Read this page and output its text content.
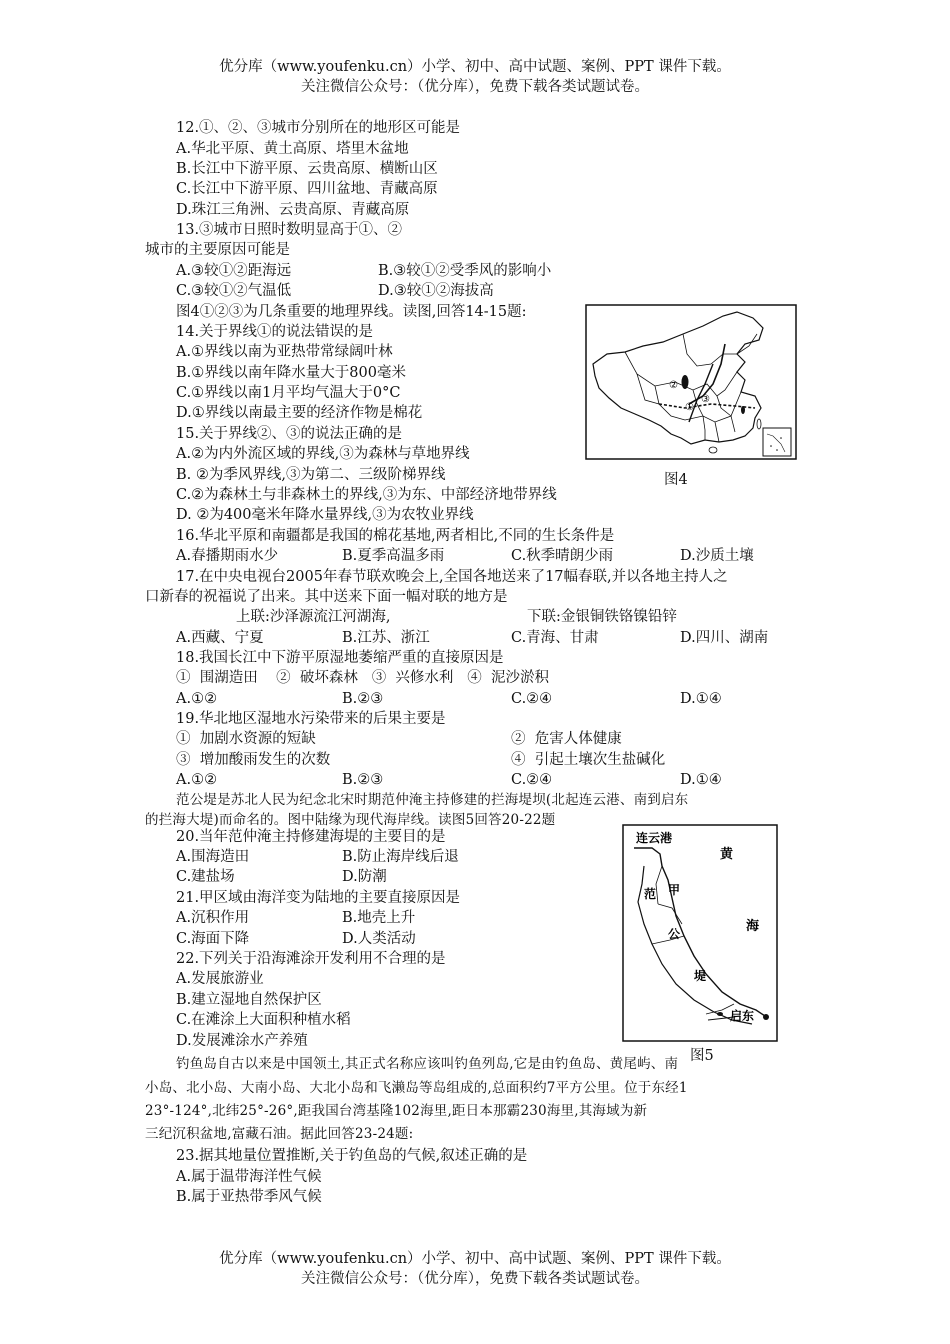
优分库（www.youfenku.cn）小学、初中、高中试题、案例、PPT 课件下载。
关注微信公众号：（优分库），免费下载各类试题试卷。
12.①、②、③城市分别所在的地形区可能是
A.华北平原、黄土高原、塔里木盆地
B.长江中下游平原、云贵高原、横断山区
C.长江中下游平原、四川盆地、青藏高原
D.珠江三角洲、云贵高原、青藏高原
13.③城市日照时数明显高于①、②
城市的主要原因可能是
A.③较①②距海远	B.③较①②受季风的影响小
C.③较①②气温低	D.③较①②海拔高
图4①②③为几条重要的地理界线。读图,回答14-15题:
14.关于界线①的说法错误的是
A.①界线以南为亚热带常绿阔叶林
B.①界线以南年降水量大于800毫米
C.①界线以南1月平均气温大于0°C
D.①界线以南最主要的经济作物是棉花
15.关于界线②、③的说法正确的是
A.②为内外流区域的界线,③为森林与草地界线
B. ②为季风界线,③为第二、三级阶梯界线
C.②为森林土与非森林土的界线,③为东、中部经济地带界线
D. ②为400毫米年降水量界线,③为农牧业界线
②
①
③
图4
16.华北平原和南疆都是我国的棉花基地,两者相比,不同的生长条件是
A.春播期雨水少	B.夏季高温多雨	C.秋季晴朗少雨	D.沙质土壤
17.在中央电视台2005年春节联欢晚会上,全国各地送来了17幅春联,并以各地主持人之
口新春的祝福说了出来。其中送来下面一幅对联的地方是
上联:沙泽源流江河湖海,	下联:金银铜铁铬镍铅锌
A.西藏、宁夏	B.江苏、浙江	C.青海、甘肃	D.四川、湖南
18.我国长江中下游平原湿地萎缩严重的直接原因是
①  围湖造田    ②  破坏森林   ③  兴修水利   ④  泥沙淤积
A.①②	B.②③	C.②④	D.①④
19.华北地区湿地水污染带来的后果主要是
①  加剧水资源的短缺	②  危害人体健康
③  增加酸雨发生的次数	④  引起土壤次生盐碱化
A.①②	B.②③	C.②④	D.①④
范公堤是苏北人民为纪念北宋时期范仲淹主持修建的拦海堤坝(北起连云港、南到启东
的拦海大堤)而命名的。图中陆缘为现代海岸线。读图5回答20-22题
20.当年范仲淹主持修建海堤的主要目的是
A.围海造田	B.防止海岸线后退
C.建盐场	D.防潮
21.甲区域由海洋变为陆地的主要直接原因是
A.沉积作用	B.地壳上升
C.海面下降	D.人类活动
22.下列关于沿海滩涂开发利用不合理的是
A.发展旅游业
B.建立湿地自然保护区
C.在滩涂上大面积种植水稻
D.发展滩涂水产养殖
连云港
黄
海
范 甲
公
堤
启东
图5
钓鱼岛自古以来是中国领土,其正式名称应该叫钓鱼列岛,它是由钓鱼岛、黄尾屿、南
小岛、北小岛、大南小岛、大北小岛和飞濑岛等岛组成的,总面积约7平方公里。位于东经1
23°-124°,北纬25°-26°,距我国台湾基隆102海里,距日本那霸230海里,其海域为新
三纪沉积盆地,富藏石油。据此回答23-24题:
23.据其地量位置推断,关于钓鱼岛的气候,叙述正确的是
A.属于温带海洋性气候
B.属于亚热带季风气候
优分库（www.youfenku.cn）小学、初中、高中试题、案例、PPT 课件下载。
关注微信公众号：（优分库），免费下载各类试题试卷。
